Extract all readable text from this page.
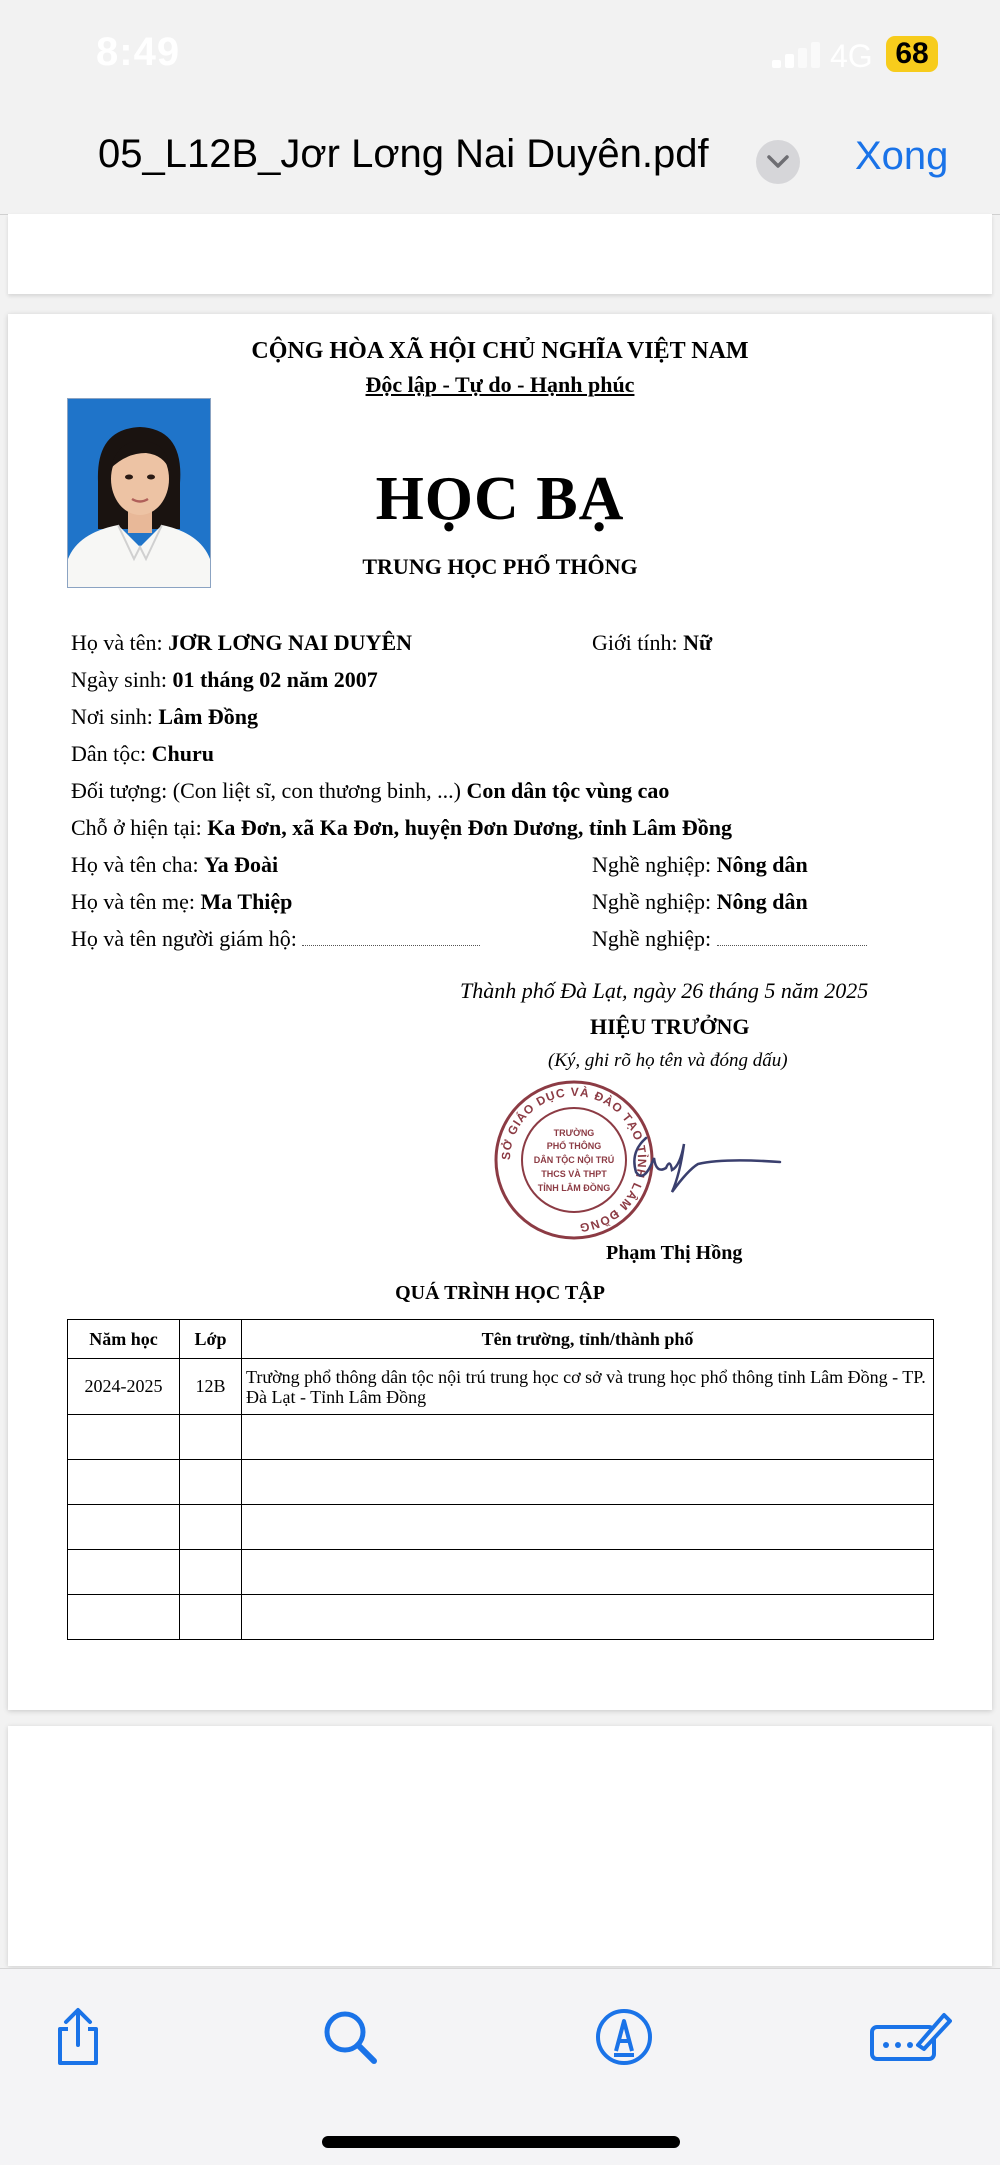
8:49	4G 68
05_L12B_Jơr Lơng Nai Duyên.pdf	Xong
CỘNG HÒA XÃ HỘI CHỦ NGHĨA VIỆT NAM
Độc lập - Tự do - Hạnh phúc
HỌC BẠ
TRUNG HỌC PHỔ THÔNG
Họ và tên: JƠR LƠNG NAI DUYÊN	Giới tính: Nữ
Ngày sinh: 01 tháng 02 năm 2007
Nơi sinh: Lâm Đồng
Dân tộc: Churu
Đối tượng: (Con liệt sĩ, con thương binh, ...) Con dân tộc vùng cao
Chỗ ở hiện tại: Ka Đơn, xã Ka Đơn, huyện Đơn Dương, tỉnh Lâm Đồng
Họ và tên cha: Ya Đoài	Nghề nghiệp: Nông dân
Họ và tên mẹ: Ma Thiệp	Nghề nghiệp: Nông dân
Họ và tên người giám hộ:	Nghề nghiệp:
Thành phố Đà Lạt, ngày 26 tháng 5 năm 2025
HIỆU TRƯỞNG
(Ký, ghi rõ họ tên và đóng dấu)
SỞ GIÁO DỤC VÀ ĐÀO TẠO TỈNH LÂM ĐỒNG
TRƯỜNG
PHỔ THÔNG
DÂN TỘC NỘI TRÚ
THCS VÀ THPT
TỈNH LÂM ĐỒNG
Phạm Thị Hồng
QUÁ TRÌNH HỌC TẬP
Năm học	Lớp	Tên trường, tỉnh/thành phố
2024-2025	12B	Trường phổ thông dân tộc nội trú trung học cơ sở và trung học phổ thông tỉnh Lâm Đồng - TP. Đà Lạt - Tỉnh Lâm Đồng
